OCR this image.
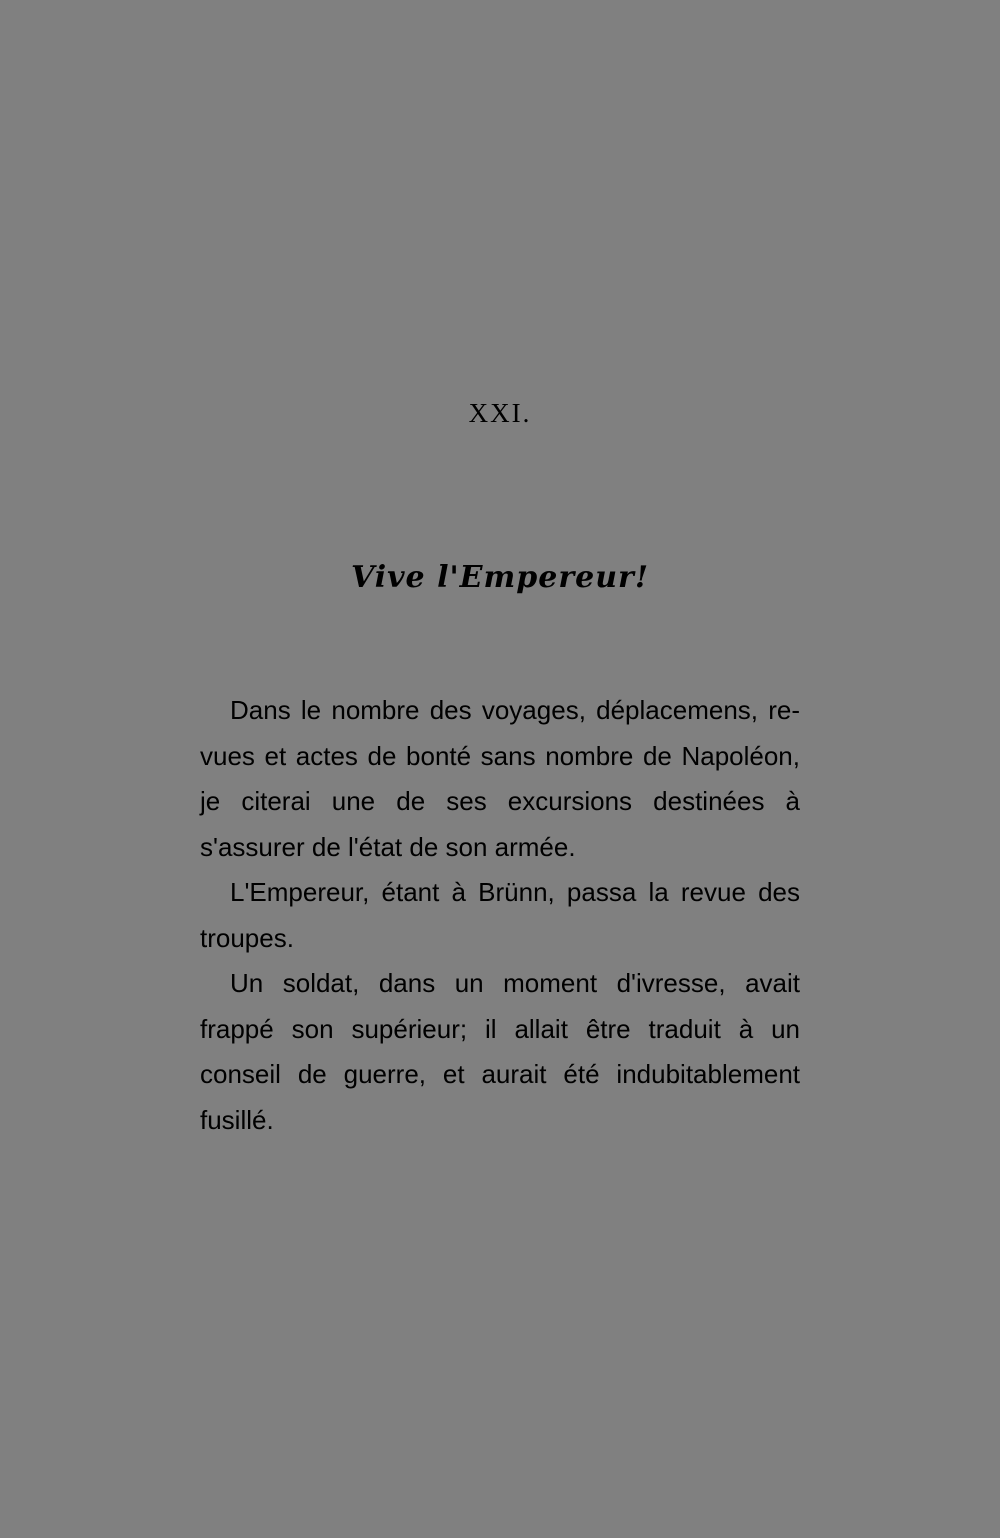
XXI.
Vive l'Empereur!

Dans le nombre des voyages, déplacemens, re-vues et actes de bonté sans nombre de Napoléon, je citerai une de ses excursions destinées à s'assurer de l'état de son armée.

L'Empereur, étant à Brünn, passa la revue des troupes.

Un soldat, dans un moment d'ivresse, avait frappé son supérieur; il allait être traduit à un conseil de guerre, et aurait été indubitablement fusillé.
